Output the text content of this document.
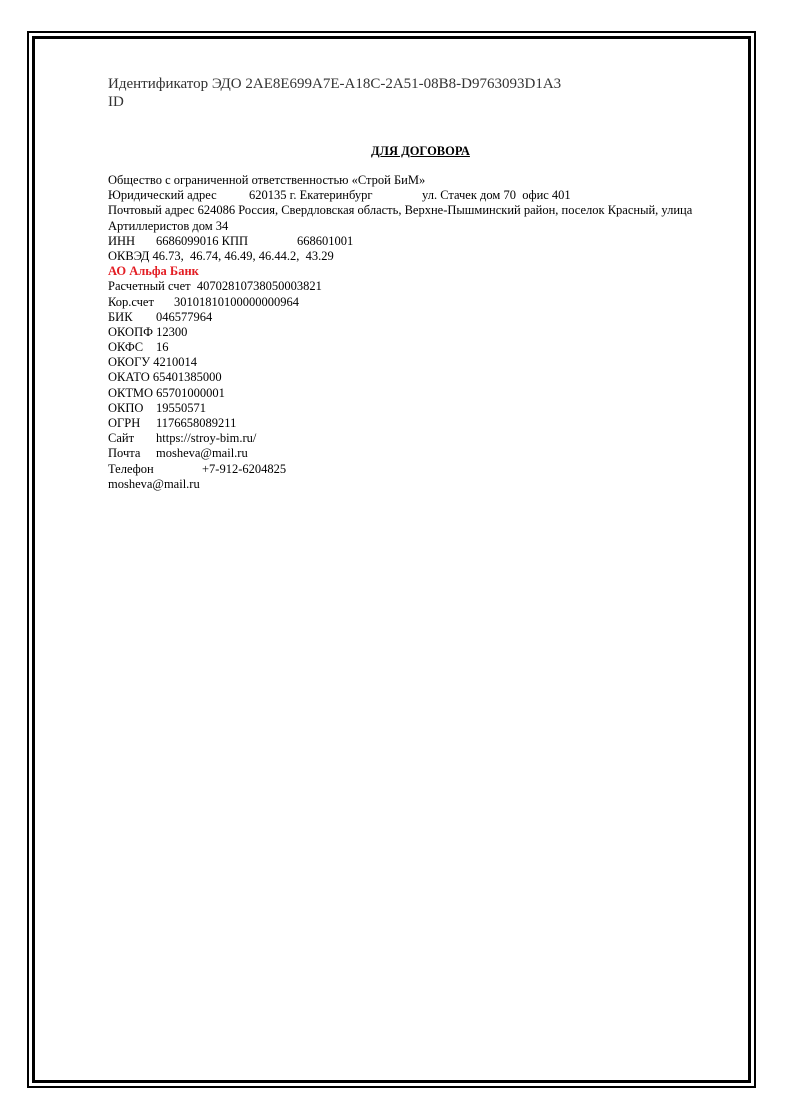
Идентификатор ЭДО 2AE8E699A7E-A18C-2A51-08B8-D9763093D1A3
ID
ДЛЯ ДОГОВОРА
Общество с ограниченной ответственностью «Строй БиМ»
Юридический адрес	620135 г. Екатеринбург	ул. Стачек дом 70  офис 401
Почтовый адрес 624086 Россия, Свердловская область, Верхне-Пышминский район, поселок Красный, улица
Артиллеристов дом 34
ИНН 6686099016 КПП	668601001
ОКВЭД 46.73,  46.74, 46.49, 46.44.2,  43.29
АО Альфа Банк
Расчетный счет  40702810738050003821
Кор.счет 30101810100000000964
БИК 046577964
ОКОПФ 12300
ОКФС 16
ОКОГУ 4210014
ОКАТО 65401385000
ОКТМО 65701000001
ОКПО 19550571
ОГРН 1176658089211
Сайт https://stroy-bim.ru/
Почта mosheva@mail.ru
Телефон	+7-912-6204825
mosheva@mail.ru
